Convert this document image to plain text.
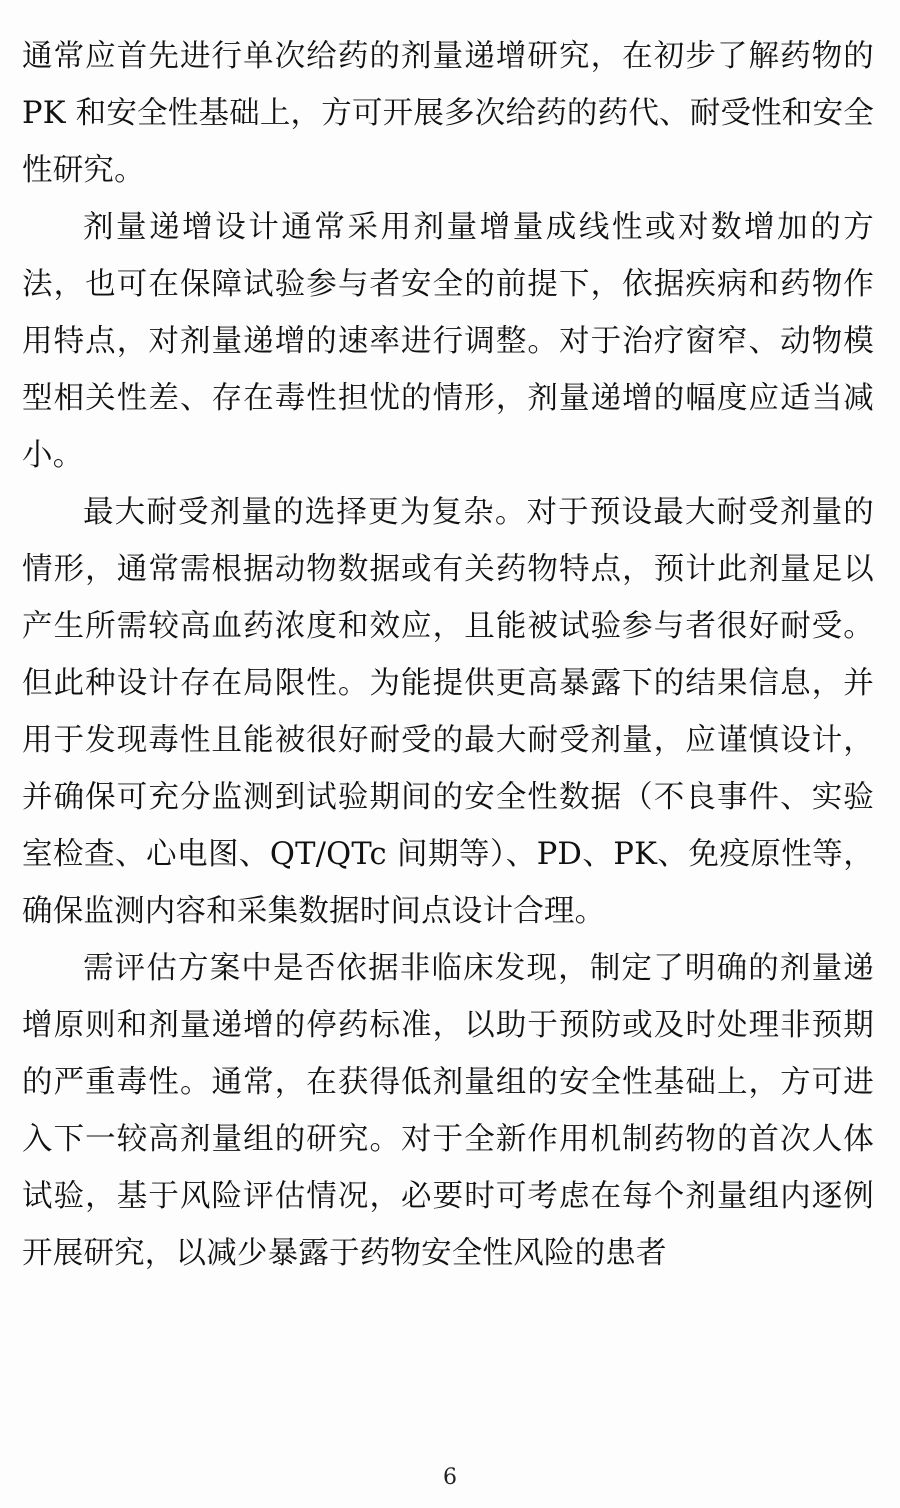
通常应首先进行单次给药的剂量递增研究，在初步了解药物的 PK 和安全性基础上，方可开展多次给药的药代、耐受性和安全性研究。

剂量递增设计通常采用剂量增量成线性或对数增加的方法，也可在保障试验参与者安全的前提下，依据疾病和药物作用特点，对剂量递增的速率进行调整。对于治疗窗窄、动物模型相关性差、存在毒性担忧的情形，剂量递增的幅度应适当减小。

最大耐受剂量的选择更为复杂。对于预设最大耐受剂量的情形，通常需根据动物数据或有关药物特点，预计此剂量足以产生所需较高血药浓度和效应，且能被试验参与者很好耐受。但此种设计存在局限性。为能提供更高暴露下的结果信息，并用于发现毒性且能被很好耐受的最大耐受剂量，应谨慎设计，并确保可充分监测到试验期间的安全性数据（不良事件、实验室检查、心电图、QT/QTc 间期等）、PD、PK、免疫原性等，确保监测内容和采集数据时间点设计合理。

需评估方案中是否依据非临床发现，制定了明确的剂量递增原则和剂量递增的停药标准，以助于预防或及时处理非预期的严重毒性。通常，在获得低剂量组的安全性基础上，方可进入下一较高剂量组的研究。对于全新作用机制药物的首次人体试验，基于风险评估情况，必要时可考虑在每个剂量组内逐例开展研究，以减少暴露于药物安全性风险的患者

6
